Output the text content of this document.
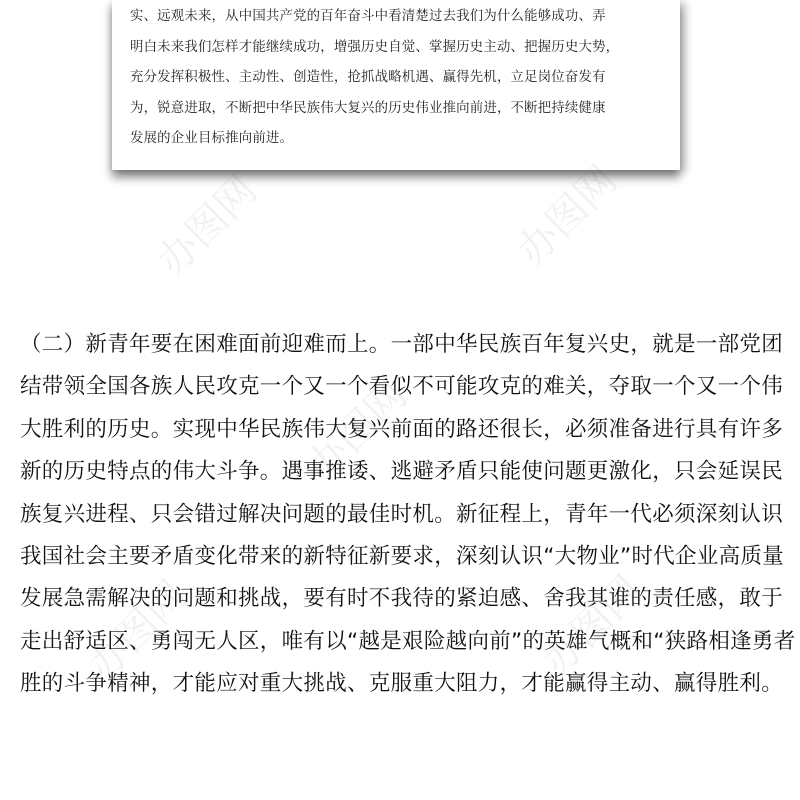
实、远观未来，从中国共产党的百年奋斗中看清楚过去我们为什么能够成功、弄
明白未来我们怎样才能继续成功，增强历史自觉、掌握历史主动、把握历史大势，
充分发挥积极性、主动性、创造性，抢抓战略机遇、赢得先机，立足岗位奋发有
为，锐意进取，不断把中华民族伟大复兴的历史伟业推向前进，不断把持续健康
发展的企业目标推向前进。
（二）新青年要在困难面前迎难而上。一部中华民族百年复兴史，就是一部党团
结带领全国各族人民攻克一个又一个看似不可能攻克的难关，夺取一个又一个伟
大胜利的历史。实现中华民族伟大复兴前面的路还很长，必须准备进行具有许多
新的历史特点的伟大斗争。遇事推诿、逃避矛盾只能使问题更激化，只会延误民
族复兴进程、只会错过解决问题的最佳时机。新征程上，青年一代必须深刻认识
我国社会主要矛盾变化带来的新特征新要求，深刻认识“大物业”时代企业高质量
发展急需解决的问题和挑战，要有时不我待的紧迫感、舍我其谁的责任感，敢于
走出舒适区、勇闯无人区，唯有以“越是艰险越向前”的英雄气概和“狭路相逢勇者
胜的斗争精神，才能应对重大挑战、克服重大阻力，才能赢得主动、赢得胜利。
办图网	办图网
办图网
办图网	办图网
